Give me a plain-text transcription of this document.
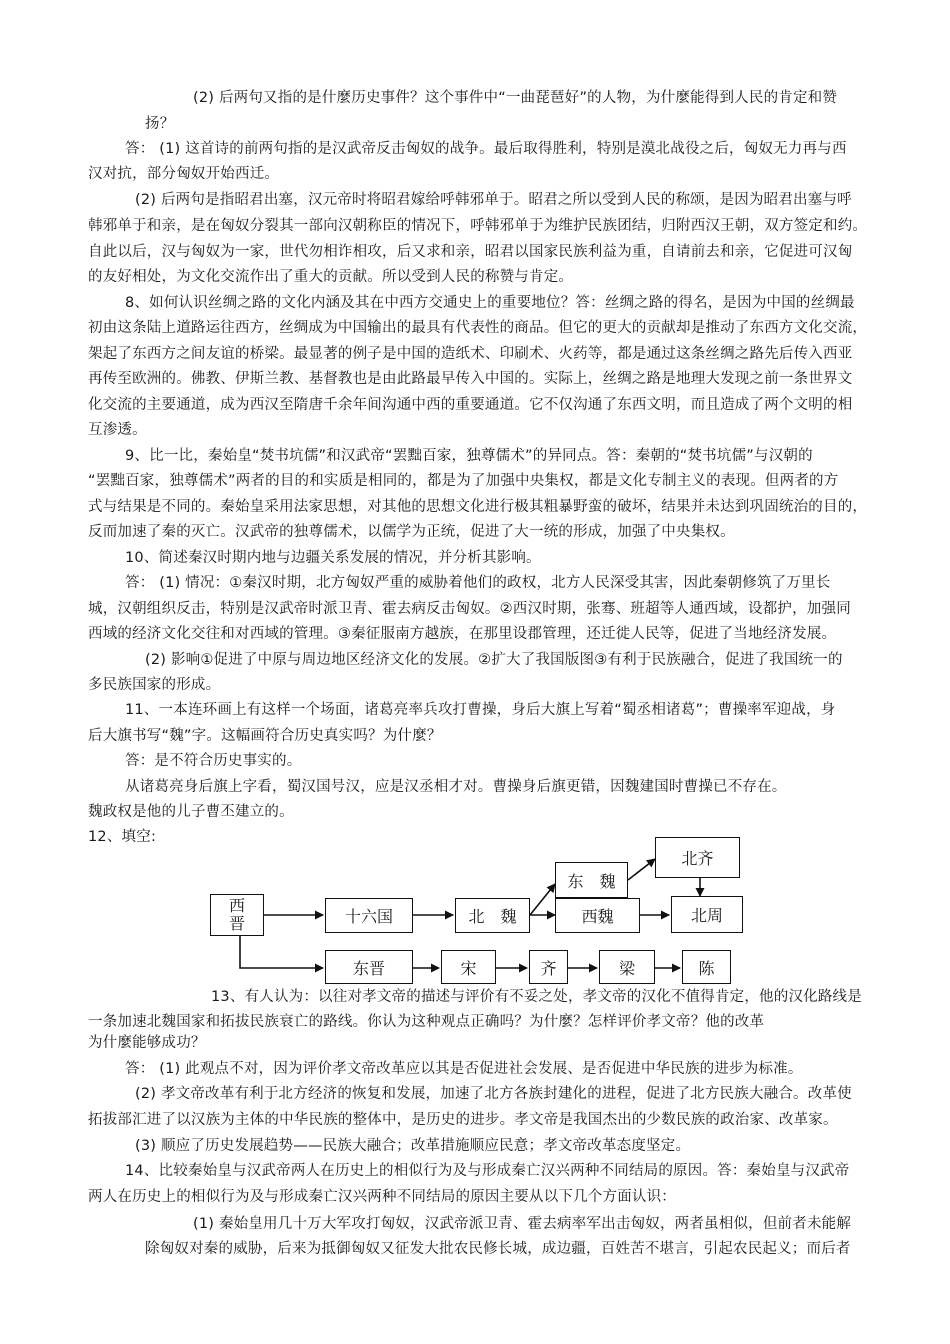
(2) 后两句又指的是什麼历史事件？这个事件中“一曲琵琶好”的人物，为什麼能得到人民的肯定和赞
扬？
答： (1) 这首诗的前两句指的是汉武帝反击匈奴的战争。最后取得胜利，特别是漠北战役之后，匈奴无力再与西
汉对抗，部分匈奴开始西迁。
(2) 后两句是指昭君出塞，汉元帝时将昭君嫁给呼韩邪单于。昭君之所以受到人民的称颂，是因为昭君出塞与呼
韩邪单于和亲，是在匈奴分裂其一部向汉朝称臣的情况下，呼韩邪单于为维护民族团结，归附西汉王朝，双方签定和约。
自此以后，汉与匈奴为一家，世代勿相诈相攻，后又求和亲，昭君以国家民族利益为重，自请前去和亲，它促进可汉匈
的友好相处，为文化交流作出了重大的贡献。所以受到人民的称赞与肯定。
8、如何认识丝绸之路的文化内涵及其在中西方交通史上的重要地位？答：丝绸之路的得名，是因为中国的丝绸最
初由这条陆上道路运往西方，丝绸成为中国输出的最具有代表性的商品。但它的更大的贡献却是推动了东西方文化交流，
架起了东西方之间友谊的桥梁。最显著的例子是中国的造纸术、印刷术、火药等，都是通过这条丝绸之路先后传入西亚
再传至欧洲的。佛教、伊斯兰教、基督教也是由此路最早传入中国的。实际上，丝绸之路是地理大发现之前一条世界文
化交流的主要通道，成为西汉至隋唐千余年间沟通中西的重要通道。它不仅沟通了东西文明，而且造成了两个文明的相
互渗透。
9、比一比，秦始皇“焚书坑儒”和汉武帝“罢黜百家，独尊儒术”的异同点。答：秦朝的“焚书坑儒”与汉朝的
“罢黜百家，独尊儒术”两者的目的和实质是相同的，都是为了加强中央集权，都是文化专制主义的表现。但两者的方
式与结果是不同的。秦始皇采用法家思想，对其他的思想文化进行极其粗暴野蛮的破坏，结果并未达到巩固统治的目的，
反而加速了秦的灭亡。汉武帝的独尊儒术，以儒学为正统，促进了大一统的形成，加强了中央集权。
10、简述秦汉时期内地与边疆关系发展的情况，并分析其影响。
答： (1) 情况：①秦汉时期，北方匈奴严重的威胁着他们的政权，北方人民深受其害，因此秦朝修筑了万里长
城，汉朝组织反击，特别是汉武帝时派卫青、霍去病反击匈奴。②西汉时期，张骞、班超等人通西域，设都护，加强同
西域的经济文化交往和对西域的管理。③秦征服南方越族，在那里设郡管理，还迁徙人民等，促进了当地经济发展。
(2) 影响①促进了中原与周边地区经济文化的发展。②扩大了我国版图③有利于民族融合，促进了我国统一的
多民族国家的形成。
11、一本连环画上有这样一个场面，诸葛亮率兵攻打曹操，身后大旗上写着“蜀丞相诸葛”；曹操率军迎战，身
后大旗书写“魏”字。这幅画符合历史真实吗？为什麼？
答：是不符合历史事实的。
从诸葛亮身后旗上字看，蜀汉国号汉，应是汉丞相才对。曹操身后旗更错，因魏建国时曹操已不存在。
魏政权是他的儿子曹丕建立的。
12、填空:
西
晋	十六国	北　魏
东　魏
西魏
北齐
北周
东晋	宋	齐	梁	陈
13、有人认为：以往对孝文帝的描述与评价有不妥之处，孝文帝的汉化不值得肯定，他的汉化路线是
一条加速北魏国家和拓拔民族衰亡的路线。你认为这种观点正确吗？为什麼？怎样评价孝文帝？他的改革
为什麼能够成功？
答： (1) 此观点不对，因为评价孝文帝改革应以其是否促进社会发展、是否促进中华民族的进步为标准。
(2) 孝文帝改革有利于北方经济的恢复和发展，加速了北方各族封建化的进程，促进了北方民族大融合。改革使
拓拔部汇进了以汉族为主体的中华民族的整体中，是历史的进步。孝文帝是我国杰出的少数民族的政治家、改革家。
(3) 顺应了历史发展趋势——民族大融合；改革措施顺应民意；孝文帝改革态度坚定。
14、比较秦始皇与汉武帝两人在历史上的相似行为及与形成秦亡汉兴两种不同结局的原因。答：秦始皇与汉武帝
两人在历史上的相似行为及与形成秦亡汉兴两种不同结局的原因主要从以下几个方面认识：
(1) 秦始皇用几十万大军攻打匈奴，汉武帝派卫青、霍去病率军出击匈奴，两者虽相似，但前者未能解
除匈奴对秦的威胁，后来为抵御匈奴又征发大批农民修长城，成边疆，百姓苦不堪言，引起农民起义；而后者
